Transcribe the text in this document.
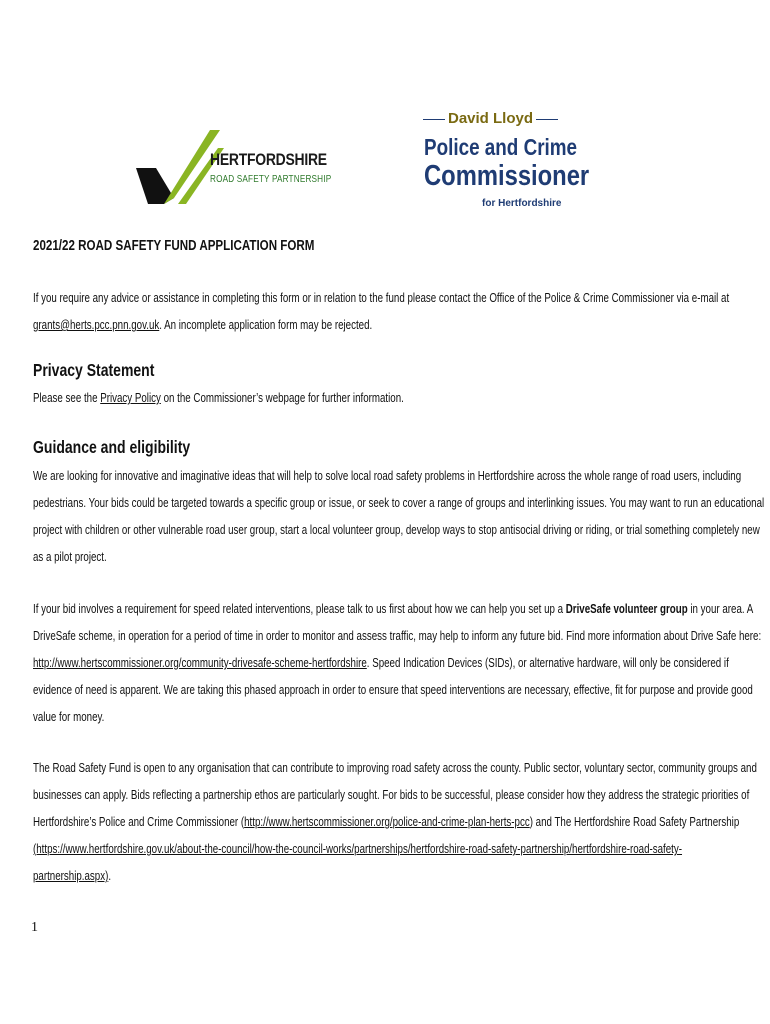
HERTFORDSHIRE
ROAD SAFETY PARTNERSHIP
David Lloyd
Police and Crime
Commissioner
for Hertfordshire
2021/22 ROAD SAFETY FUND APPLICATION FORM
If you require any advice or assistance in completing this form or in relation to the fund please contact the Office of the Police & Crime Commissioner via e-mail at
grants@herts.pcc.pnn.gov.uk. An incomplete application form may be rejected.
Privacy Statement
Please see the Privacy Policy on the Commissioner’s webpage for further information.
Guidance and eligibility
We are looking for innovative and imaginative ideas that will help to solve local road safety problems in Hertfordshire across the whole range of road users, including
pedestrians. Your bids could be targeted towards a specific group or issue, or seek to cover a range of groups and interlinking issues. You may want to run an educational
project with children or other vulnerable road user group, start a local volunteer group, develop ways to stop antisocial driving or riding, or trial something completely new
as a pilot project.
If your bid involves a requirement for speed related interventions, please talk to us first about how we can help you set up a DriveSafe volunteer group in your area. A
DriveSafe scheme, in operation for a period of time in order to monitor and assess traffic, may help to inform any future bid. Find more information about Drive Safe here:
http://www.hertscommissioner.org/community-drivesafe-scheme-hertfordshire. Speed Indication Devices (SIDs), or alternative hardware, will only be considered if
evidence of need is apparent. We are taking this phased approach in order to ensure that speed interventions are necessary, effective, fit for purpose and provide good
value for money.
The Road Safety Fund is open to any organisation that can contribute to improving road safety across the county. Public sector, voluntary sector, community groups and
businesses can apply. Bids reflecting a partnership ethos are particularly sought. For bids to be successful, please consider how they address the strategic priorities of
Hertfordshire’s Police and Crime Commissioner (http://www.hertscommissioner.org/police-and-crime-plan-herts-pcc) and The Hertfordshire Road Safety Partnership
(https://www.hertfordshire.gov.uk/about-the-council/how-the-council-works/partnerships/hertfordshire-road-safety-partnership/hertfordshire-road-safety-
partnership.aspx).
1
